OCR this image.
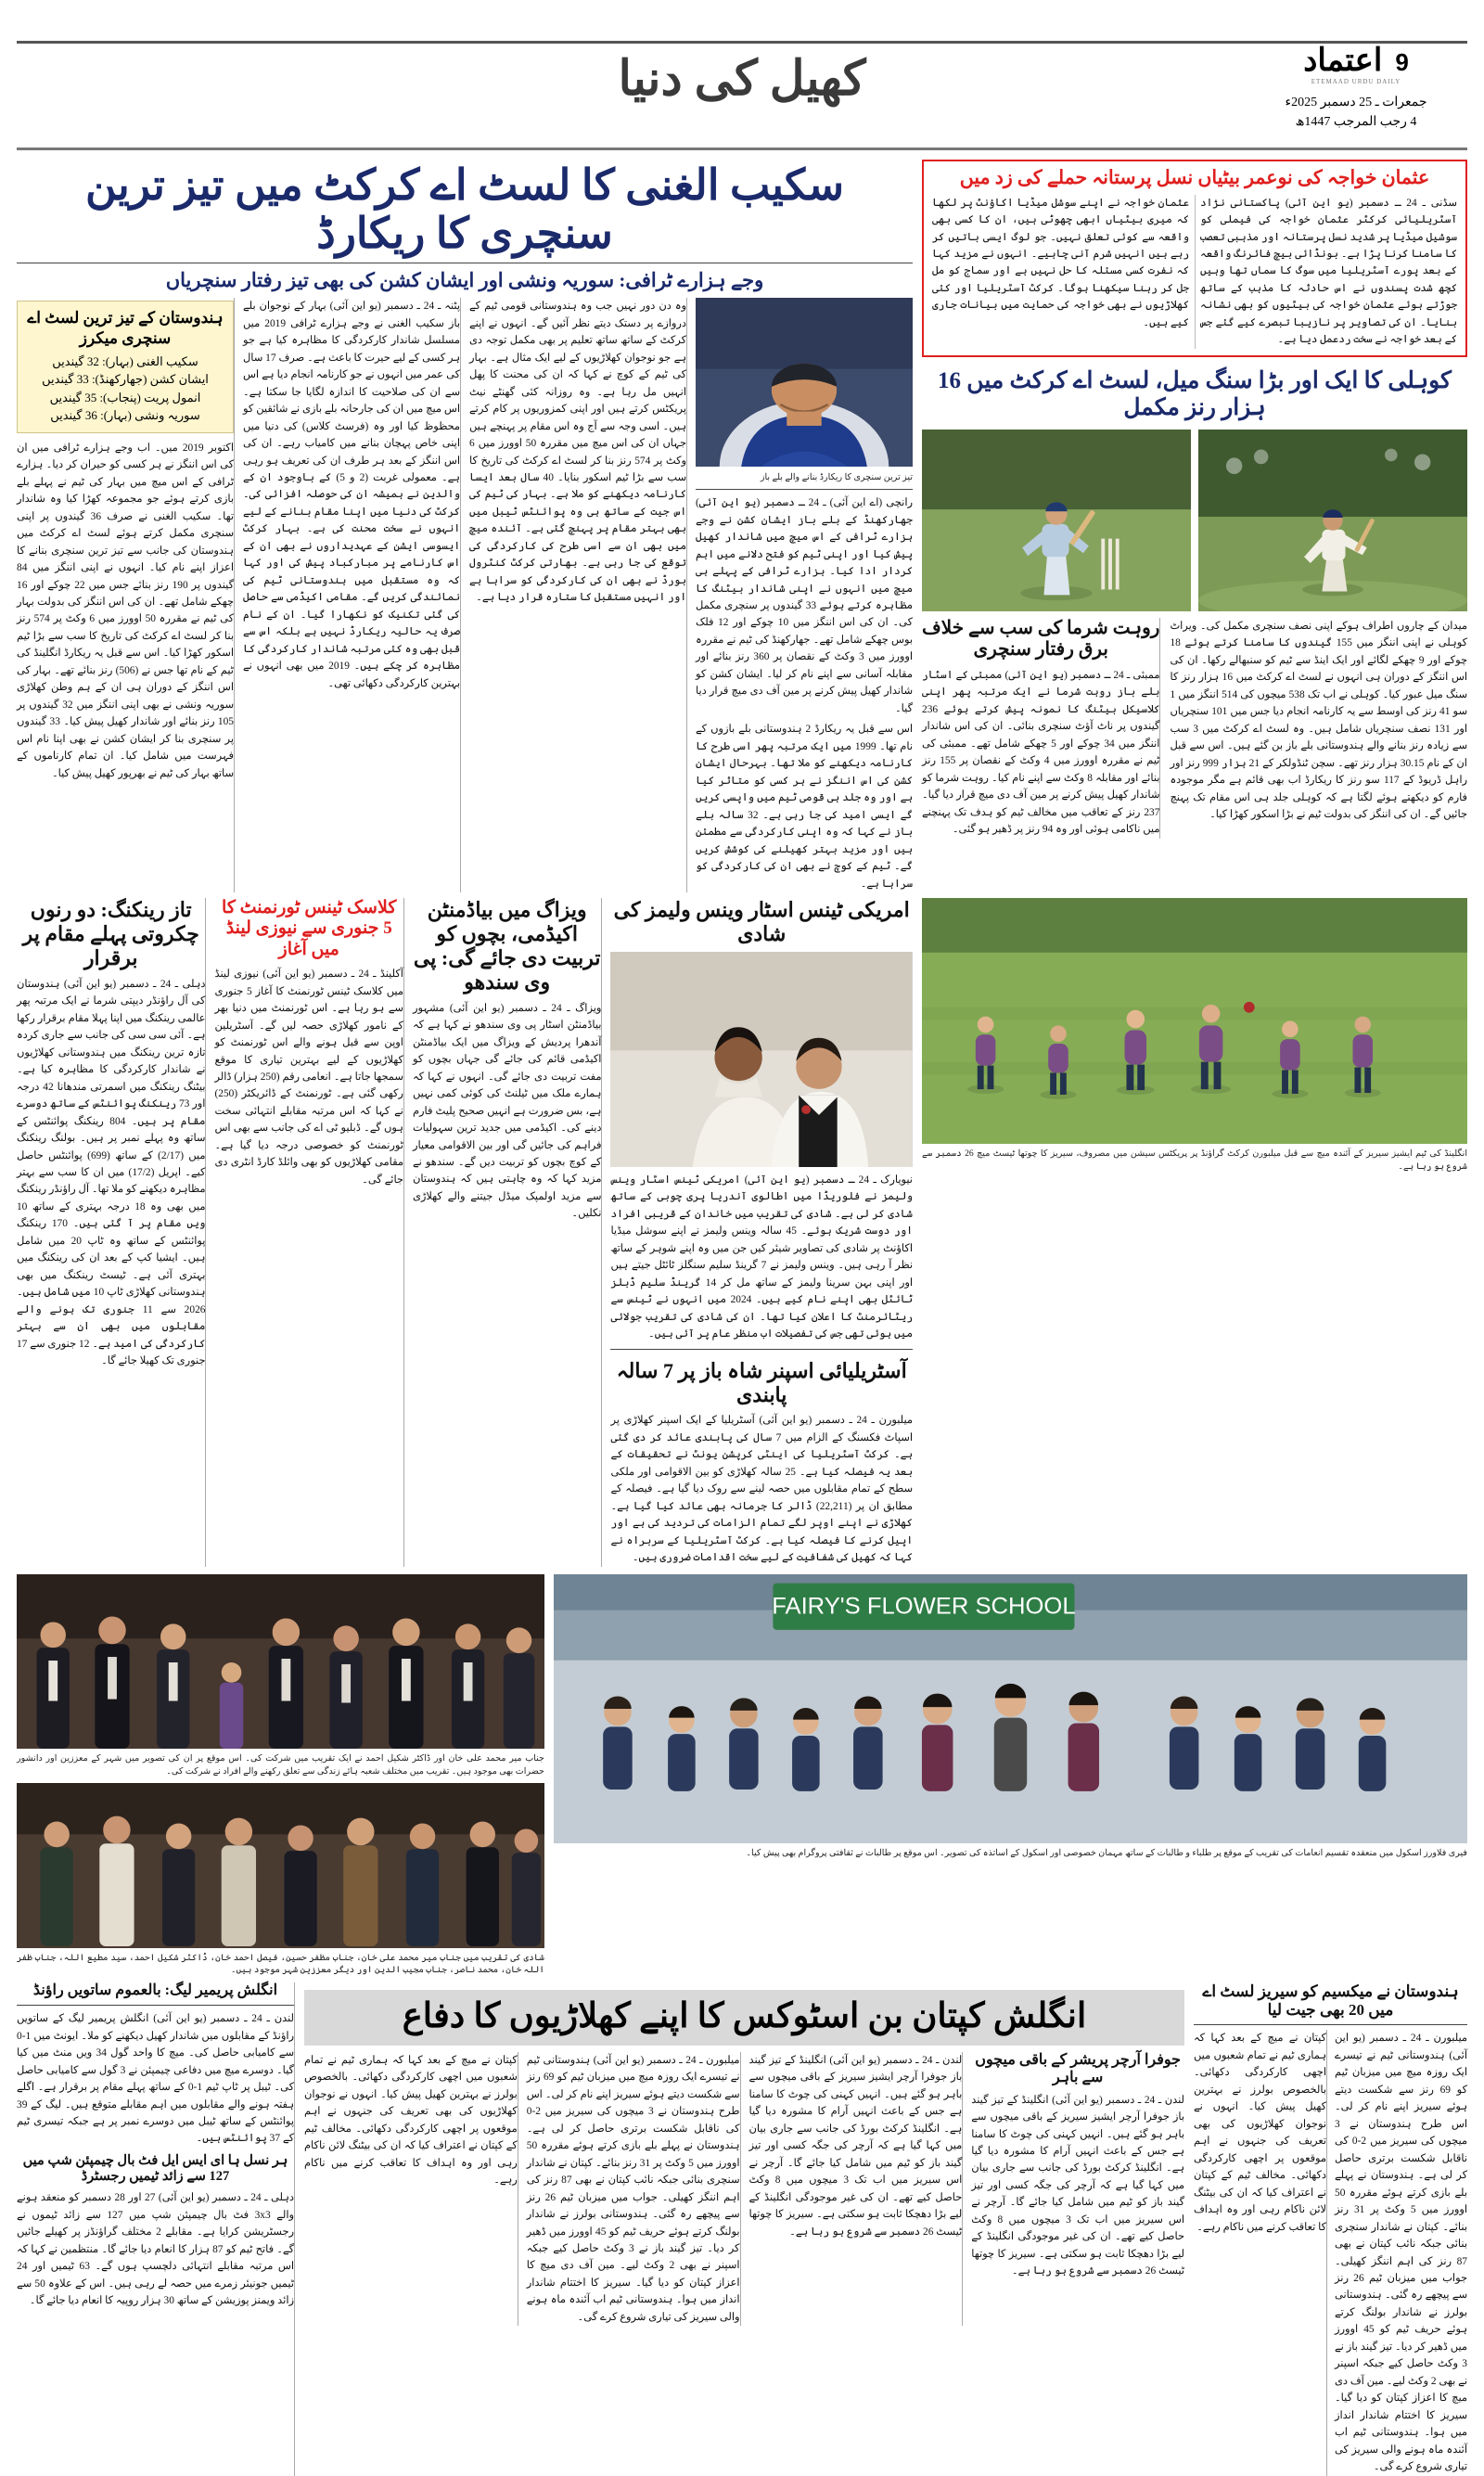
9اعتماد
ETEMAAD URDU DAILY
جمعرات ـ 25 دسمبر 2025ء
4 رجب المرجب 1447ھ
کھیل کی دنیا
عثمان خواجہ کی نوعمر بیٹیاں نسل پرستانہ حملے کی زد میں

سڈنی ـ 24 ـ دسمبر (یو این آئی) پاکستانی نژاد آسٹریلیائی کرکٹر عثمان خواجہ کی فیملی کو سوشیل میڈیا پر شدید نسل پرستانہ اور مذہبی تعصب کا سامنا کرنا پڑا ہے۔ بونڈائی بیچ فائرنگ واقعہ کے بعد پورے آسٹریلیا میں سوگ کا سماں تھا وہیں کچھ شدت پسندوں نے اس حادثہ کا مذہب کے ساتھ جوڑتے ہوئے عثمان خواجہ کی بیٹیوں کو بھی نشانہ بنایا۔ ان کی تصاویر پر نازیبا تبصرے کیے گئے جس کے بعد خواجہ نے سخت ردعمل دیا ہے۔

عثمان خواجہ نے اپنے سوشل میڈیا اکاؤنٹ پر لکھا کہ میری بیٹیاں ابھی چھوٹی ہیں، ان کا کسی بھی واقعہ سے کوئی تعلق نہیں۔ جو لوگ ایسی باتیں کر رہے ہیں انہیں شرم آنی چاہیے۔ انہوں نے مزید کہا کہ نفرت کسی مسئلہ کا حل نہیں ہے اور سماج کو مل جل کر رہنا سیکھنا ہوگا۔ کرکٹ آسٹریلیا اور کئی کھلاڑیوں نے بھی خواجہ کی حمایت میں بیانات جاری کیے ہیں۔

کوہلی کا ایک اور بڑا سنگ میل، لسٹ اے کرکٹ میں 16 ہزار رنز مکمل

میدان کے چاروں اطراف ہوکے اپنی نصف سنچری مکمل کی۔ ویراٹ کوہلی نے اپنی اننگز میں 155 گیندوں کا سامنا کرتے ہوئے 18 چوکے اور 9 چھکے لگائے اور ایک اینڈ سے ٹیم کو سنبھالے رکھا۔ ان کی اس اننگز کے دوران ہی انہوں نے لسٹ اے کرکٹ میں 16 ہزار رنز کا سنگ میل عبور کیا۔ کوہلی نے اب تک 538 میچوں کی 514 اننگز میں 1 سو 41 رنز کی اوسط سے یہ کارنامہ انجام دیا جس میں 101 سنچریاں اور 131 نصف سنچریاں شامل ہیں۔ وہ لسٹ اے کرکٹ میں 3 سب سے زیادہ رنز بنانے والے ہندوستانی بلے باز بن گئے ہیں۔ اس سے قبل ان کے نام 30.15 ہزار رنز تھے۔ سچن ٹنڈولکر کے 21 ہزار 999 رنز اور راہل ڈریوڈ کے 117 سو رنز کا ریکارڈ اب بھی قائم ہے مگر موجودہ فارم کو دیکھتے ہوئے لگتا ہے کہ کوہلی جلد ہی اس مقام تک پہنچ جائیں گے۔ ان کی اننگز کی بدولت ٹیم نے بڑا اسکور کھڑا کیا۔

روہت شرما کی سب سے خلاف برق رفتار سنچری

ممبئی ـ 24 ـ دسمبر (یو این آئی) ممبئی کے اسٹار بلے باز روہت شرما نے ایک مرتبہ پھر اپنی کلاسیکل بیٹنگ کا نمونہ پیش کرتے ہوئے 236 گیندوں پر ناٹ آؤٹ سنچری بنائی۔ ان کی اس شاندار اننگز میں 34 چوکے اور 5 چھکے شامل تھے۔ ممبئی کی ٹیم نے مقررہ اوورز میں 4 وکٹ کے نقصان پر 155 رنز بنائے اور مقابلہ 8 وکٹ سے اپنے نام کیا۔ روہت شرما کو شاندار کھیل پیش کرنے پر مین آف دی میچ قرار دیا گیا۔ 237 رنز کے تعاقب میں مخالف ٹیم کو ہدف تک پہنچنے میں ناکامی ہوئی اور وہ 94 رنز پر ڈھیر ہو گئی۔

سکیب الغنی کا لسٹ اے کرکٹ میں تیز ترین سنچری کا ریکارڈ
وجے ہزارے ٹرافی: سوریہ ونشی اور ایشان کشن کی بھی تیز رفتار سنچریاں
تیز ترین سنچری کا ریکارڈ بنانے والے بلے باز

رانچی (اے این آئی) ـ 24 ـ دسمبر (یو این آئی) جھارکھنڈ کے بلے باز ایشان کشن نے وجے ہزارے ٹرافی کے اس میچ میں شاندار کھیل پیش کیا اور اپنی ٹیم کو فتح دلانے میں اہم کردار ادا کیا۔ ہزارے ٹرافی کے پہلے ہی میچ میں انہوں نے اپنی شاندار بیٹنگ کا مظاہرہ کرتے ہوئے 33 گیندوں پر سنچری مکمل کی۔ ان کی اس اننگز میں 10 چوکے اور 12 فلک بوس چھکے شامل تھے۔ جھارکھنڈ کی ٹیم نے مقررہ اوورز میں 3 وکٹ کے نقصان پر 360 رنز بنائے اور مقابلہ آسانی سے اپنے نام کر لیا۔ ایشان کشن کو شاندار کھیل پیش کرنے پر مین آف دی میچ قرار دیا گیا۔

اس سے قبل یہ ریکارڈ 2 ہندوستانی بلے بازوں کے نام تھا۔ 1999 میں ایک مرتبہ پھر اسی طرح کا کارنامہ دیکھنے کو ملا تھا۔ بہرحال ایشان کشن کی اس اننگز نے ہر کسی کو متاثر کیا ہے اور وہ جلد ہی قومی ٹیم میں واپسی کریں گے ایسی امید کی جا رہی ہے۔ 32 سالہ بلے باز نے کہا کہ وہ اپنی کارکردگی سے مطمئن ہیں اور مزید بہتر کھیلنے کی کوشش کریں گے۔ ٹیم کے کوچ نے بھی ان کی کارکردگی کو سراہا ہے۔

وہ دن دور نہیں جب وہ ہندوستانی قومی ٹیم کے دروازے پر دستک دیتے نظر آئیں گے۔ انہوں نے اپنے کرکٹ کے ساتھ ساتھ تعلیم پر بھی مکمل توجہ دی ہے جو نوجوان کھلاڑیوں کے لیے ایک مثال ہے۔ بہار کی ٹیم کے کوچ نے کہا کہ ان کی محنت کا پھل انہیں مل رہا ہے۔ وہ روزانہ کئی گھنٹے نیٹ پریکٹس کرتے ہیں اور اپنی کمزوریوں پر کام کرتے ہیں۔ اسی وجہ سے آج وہ اس مقام پر پہنچے ہیں جہاں ان کی اس میچ میں مقررہ 50 اوورز میں 6 وکٹ پر 574 رنز بنا کر لسٹ اے کرکٹ کی تاریخ کا سب سے بڑا ٹیم اسکور بنایا۔ 40 سال بعد ایسا کارنامہ دیکھنے کو ملا ہے۔ بہار کی ٹیم کی اس جیت کے ساتھ ہی وہ پوائنٹس ٹیبل میں بھی بہتر مقام پر پہنچ گئی ہے۔ آئندہ میچ میں بھی ان سے اسی طرح کی کارکردگی کی توقع کی جا رہی ہے۔ بھارتی کرکٹ کنٹرول بورڈ نے بھی ان کی کارکردگی کو سراہا ہے اور انہیں مستقبل کا ستارہ قرار دیا ہے۔

پٹنہ ـ 24 ـ دسمبر (یو این آئی) بہار کے نوجوان بلے باز سکیب الغنی نے وجے ہزارے ٹرافی 2019 میں مسلسل شاندار کارکردگی کا مظاہرہ کیا ہے جو ہر کسی کے لیے حیرت کا باعث ہے۔ صرف 17 سال کی عمر میں انہوں نے جو کارنامہ انجام دیا ہے اس سے ان کی صلاحیت کا اندازہ لگایا جا سکتا ہے۔ اس میچ میں ان کی جارحانہ بلے بازی نے شائقین کو محظوظ کیا اور وہ (فرسٹ کلاس) کی دنیا میں اپنی خاص پہچان بنانے میں کامیاب رہے۔ ان کی اس اننگز کے بعد ہر طرف ان کی تعریف ہو رہی ہے۔ معمولی غربت (2 و 5) کے باوجود ان کے والدین نے ہمیشہ ان کی حوصلہ افزائی کی۔ کرکٹ کی دنیا میں اپنا مقام بنانے کے لیے انہوں نے سخت محنت کی ہے۔ بہار کرکٹ ایسوسی ایشن کے عہدیداروں نے بھی ان کے اس کارنامے پر مبارکباد پیش کی اور کہا کہ وہ مستقبل میں ہندوستانی ٹیم کی نمائندگی کریں گے۔ مقامی اکیڈمی سے حاصل کی گئی تکنیک کو نکھارا گیا۔ ان کے نام صرف یہ حالیہ ریکارڈ نہیں ہے بلکہ اس سے قبل بھی وہ کئی مرتبہ شاندار کارکردگی کا مظاہرہ کر چکے ہیں۔ 2019 میں بھی انہوں نے بہترین کارکردگی دکھائی تھی۔

ہندوستان کے تیز ترین لسٹ اے سنچری میکرز
سکیب الغنی (بہار): 32 گیندیں
ایشان کشن (جھارکھنڈ): 33 گیندیں
انمول پریت (پنجاب): 35 گیندیں
سوریہ ونشی (بہار): 36 گیندیں

اکتوبر 2019 میں۔ اب وجے ہزارے ٹرافی میں ان کی اس اننگز نے ہر کسی کو حیران کر دیا۔ ہزارے ٹرافی کے اس میچ میں بہار کی ٹیم نے پہلے بلے بازی کرتے ہوئے جو مجموعہ کھڑا کیا وہ شاندار تھا۔ سکیب الغنی نے صرف 36 گیندوں پر اپنی سنچری مکمل کرتے ہوئے لسٹ اے کرکٹ میں ہندوستان کی جانب سے تیز ترین سنچری بنانے کا اعزاز اپنے نام کیا۔ انہوں نے اپنی اننگز میں 84 گیندوں پر 190 رنز بنائے جس میں 22 چوکے اور 16 چھکے شامل تھے۔ ان کی اس اننگز کی بدولت بہار کی ٹیم نے مقررہ 50 اوورز میں 6 وکٹ پر 574 رنز بنا کر لسٹ اے کرکٹ کی تاریخ کا سب سے بڑا ٹیم اسکور کھڑا کیا۔ اس سے قبل یہ ریکارڈ انگلینڈ کی ٹیم کے نام تھا جس نے (506) رنز بنائے تھے۔ بہار کی اس اننگز کے دوران ہی ان کے ہم وطن کھلاڑی سوریہ ونشی نے بھی اپنی اننگز میں 32 گیندوں پر 105 رنز بنائے اور شاندار کھیل پیش کیا۔ 33 گیندوں پر سنچری بنا کر ایشان کشن نے بھی اپنا نام اس فہرست میں شامل کیا۔ ان تمام کارناموں کے ساتھ بہار کی ٹیم نے بھرپور کھیل پیش کیا۔

انگلینڈ کی ٹیم ایشیز سیریز کے آئندہ میچ سے قبل میلبورن کرکٹ گراؤنڈ پر پریکٹس سیشن میں مصروف، سیریز کا چوتھا ٹیسٹ میچ 26 دسمبر سے شروع ہو رہا ہے۔
امریکی ٹینس اسٹار وینس ولیمز کی شادی

نیویارک ـ 24 ـ دسمبر (یو این آئی) امریکی ٹینس اسٹار وینس ولیمز نے فلوریڈا میں اطالوی آندریا پری چوبی کے ساتھ شادی کر لی ہے۔ شادی کی تقریب میں خاندان کے قریبی افراد اور دوست شریک ہوئے۔ 45 سالہ وینس ولیمز نے اپنے سوشل میڈیا اکاؤنٹ پر شادی کی تصاویر شیئر کیں جن میں وہ اپنے شوہر کے ساتھ نظر آ رہی ہیں۔ وینس ولیمز نے 7 گرینڈ سلیم سنگلز ٹائٹل جیتے ہیں اور اپنی بہن سرینا ولیمز کے ساتھ مل کر 14 گرینڈ سلیم ڈبلز ٹائٹل بھی اپنے نام کیے ہیں۔ 2024 میں انہوں نے ٹینس سے ریٹائرمنٹ کا اعلان کیا تھا۔ ان کی شادی کی تقریب جولائی میں ہوئی تھی جس کی تفصیلات اب منظر عام پر آئی ہیں۔

آسٹریلیائی اسپنر شاہ باز پر 7 سالہ پابندی

میلبورن ـ 24 ـ دسمبر (یو این آئی) آسٹریلیا کے ایک اسپنر کھلاڑی پر اسپاٹ فکسنگ کے الزام میں 7 سال کی پابندی عائد کر دی گئی ہے۔ کرکٹ آسٹریلیا کی اینٹی کرپشن یونٹ نے تحقیقات کے بعد یہ فیصلہ کیا ہے۔ 25 سالہ کھلاڑی کو بین الاقوامی اور ملکی سطح کے تمام مقابلوں میں حصہ لینے سے روک دیا گیا ہے۔ فیصلہ کے مطابق ان پر (22,211) ڈالر کا جرمانہ بھی عائد کیا گیا ہے۔ کھلاڑی نے اپنے اوپر لگے تمام الزامات کی تردید کی ہے اور اپیل کرنے کا فیصلہ کیا ہے۔ کرکٹ آسٹریلیا کے سربراہ نے کہا کہ کھیل کی شفافیت کے لیے سخت اقدامات ضروری ہیں۔

ویزاگ میں بیاڈمنٹن اکیڈمی، بچوں کو تربیت دی جائے گی: پی وی سندھو

ویزاگ ـ 24 ـ دسمبر (یو این آئی) مشہور بیاڈمنٹن اسٹار پی وی سندھو نے کہا ہے کہ آندھرا پردیش کے ویزاگ میں ایک بیاڈمنٹن اکیڈمی قائم کی جائے گی جہاں بچوں کو مفت تربیت دی جائے گی۔ انہوں نے کہا کہ ہمارے ملک میں ٹیلنٹ کی کوئی کمی نہیں ہے، بس ضرورت ہے انہیں صحیح پلیٹ فارم دینے کی۔ اکیڈمی میں جدید ترین سہولیات فراہم کی جائیں گی اور بین الاقوامی معیار کے کوچ بچوں کو تربیت دیں گے۔ سندھو نے مزید کہا کہ وہ چاہتی ہیں کہ ہندوستان سے مزید اولمپک میڈل جیتنے والے کھلاڑی نکلیں۔

کلاسک ٹینس ٹورنمنٹ کا
5 جنوری سے نیوزی لینڈ میں آغاز

آکلینڈ ـ 24 ـ دسمبر (یو این آئی) نیوزی لینڈ میں کلاسک ٹینس ٹورنمنٹ کا آغاز 5 جنوری سے ہو رہا ہے۔ اس ٹورنمنٹ میں دنیا بھر کے نامور کھلاڑی حصہ لیں گے۔ آسٹریلین اوپن سے قبل ہونے والے اس ٹورنمنٹ کو کھلاڑیوں کے لیے بہترین تیاری کا موقع سمجھا جاتا ہے۔ انعامی رقم (250 ہزار) ڈالر رکھی گئی ہے۔ ٹورنمنٹ کے ڈائریکٹر (250) نے کہا کہ اس مرتبہ مقابلے انتہائی سخت ہوں گے۔ ڈبلیو ٹی اے کی جانب سے بھی اس ٹورنمنٹ کو خصوصی درجہ دیا گیا ہے۔ مقامی کھلاڑیوں کو بھی وائلڈ کارڈ انٹری دی جائے گی۔

تاز رینکنگ: دو رنوں چکروتی پہلے مقام پر برقرار

دہلی ـ 24 ـ دسمبر (یو این آئی) ہندوستان کی آل راؤنڈر دیپتی شرما نے ایک مرتبہ پھر عالمی رینکنگ میں اپنا پہلا مقام برقرار رکھا ہے۔ آئی سی سی کی جانب سے جاری کردہ تازہ ترین رینکنگ میں ہندوستانی کھلاڑیوں نے شاندار کارکردگی کا مظاہرہ کیا ہے۔ بیٹنگ رینکنگ میں اسمرتی مندھانا 42 درجہ اور 73 رینکنگ پوائنٹس کے ساتھ دوسرے مقام پر ہیں۔ 804 رینکنگ پوائنٹس کے ساتھ وہ پہلے نمبر پر ہیں۔ بولنگ رینکنگ میں (2/17) کے ساتھ (699) پوائنٹس حاصل کیے۔ اپریل (17/2) میں ان کا سب سے بہتر مظاہرہ دیکھنے کو ملا تھا۔ آل راؤنڈر رینکنگ میں بھی وہ 18 درجہ بہتری کے ساتھ 10 ویں مقام پر آ گئی ہیں۔ 170 رینکنگ پوائنٹس کے ساتھ وہ ٹاپ 20 میں شامل ہیں۔ ایشیا کپ کے بعد ان کی رینکنگ میں بہتری آئی ہے۔ ٹیسٹ رینکنگ میں بھی ہندوستانی کھلاڑی ٹاپ 10 میں شامل ہیں۔ 2026 سے 11 جنوری تک ہونے والے مقابلوں میں بھی ان سے بہتر کارکردگی کی امید ہے۔ 12 جنوری سے 17 جنوری تک کھیلا جائے گا۔

FAIRY'S FLOWER SCHOOL
فیری فلاورز اسکول میں منعقدہ تقسیم انعامات کی تقریب کے موقع پر طلباء و طالبات کے ساتھ مہمان خصوصی اور اسکول کے اساتذہ کی تصویر۔ اس موقع پر طالبات نے ثقافتی پروگرام بھی پیش کیا۔
جناب میر محمد علی خان اور ڈاکٹر شکیل احمد نے ایک تقریب میں شرکت کی۔ اس موقع پر ان کی تصویر میں شہر کے معززین اور دانشور حضرات بھی موجود ہیں۔ تقریب میں مختلف شعبہ ہائے زندگی سے تعلق رکھنے والے افراد نے شرکت کی۔
شادی کی تقریب میں جناب میر محمد علی خان، جناب مظفر حسین، فیصل احمد خان، ڈاکٹر شکیل احمد، سید مطیع اللہ، جناب ظفر اللہ خان، محمد ناصر، جناب مجیب الدین اور دیگر معززین شہر موجود ہیں۔
ہندوستان نے میکسیم کو سیریز لسٹ اے میں 20 بھی جیت لیا

میلبورن ـ 24 ـ دسمبر (یو این آئی) ہندوستانی ٹیم نے تیسرے ایک روزہ میچ میں میزبان ٹیم کو 69 رنز سے شکست دیتے ہوئے سیریز اپنے نام کر لی۔ اس طرح ہندوستان نے 3 میچوں کی سیریز میں 2-0 کی ناقابل شکست برتری حاصل کر لی ہے۔ ہندوستان نے پہلے بلے بازی کرتے ہوئے مقررہ 50 اوورز میں 5 وکٹ پر 31 رنز بنائے۔ کپتان نے شاندار سنچری بنائی جبکہ نائب کپتان نے بھی 87 رنز کی اہم اننگز کھیلی۔ جواب میں میزبان ٹیم 26 رنز سے پیچھے رہ گئی۔ ہندوستانی بولرز نے شاندار بولنگ کرتے ہوئے حریف ٹیم کو 45 اوورز میں ڈھیر کر دیا۔ تیز گیند باز نے 3 وکٹ حاصل کیے جبکہ اسپنر نے بھی 2 وکٹ لیے۔ مین آف دی میچ کا اعزاز کپتان کو دیا گیا۔ سیریز کا اختتام شاندار انداز میں ہوا۔ ہندوستانی ٹیم اب آئندہ ماہ ہونے والی سیریز کی تیاری شروع کرے گی۔

کپتان نے میچ کے بعد کہا کہ ہماری ٹیم نے تمام شعبوں میں اچھی کارکردگی دکھائی۔ بالخصوص بولرز نے بہترین کھیل پیش کیا۔ انہوں نے نوجوان کھلاڑیوں کی بھی تعریف کی جنہوں نے اہم موقعوں پر اچھی کارکردگی دکھائی۔ مخالف ٹیم کے کپتان نے اعتراف کیا کہ ان کی بیٹنگ لائن ناکام رہی اور وہ اہداف کا تعاقب کرنے میں ناکام رہے۔

انگلش کپتان بن اسٹوکس کا اپنے کھلاڑیوں کا دفاع
جوفرا آرچر پریشر کے باقی میچوں سے باہر

لندن ـ 24 ـ دسمبر (یو این آئی) انگلینڈ کے تیز گیند باز جوفرا آرچر ایشیز سیریز کے باقی میچوں سے باہر ہو گئے ہیں۔ انہیں کہنی کی چوٹ کا سامنا ہے جس کے باعث انہیں آرام کا مشورہ دیا گیا ہے۔ انگلینڈ کرکٹ بورڈ کی جانب سے جاری بیان میں کہا گیا ہے کہ آرچر کی جگہ کسی اور تیز گیند باز کو ٹیم میں شامل کیا جائے گا۔ آرچر نے اس سیریز میں اب تک 3 میچوں میں 8 وکٹ حاصل کیے تھے۔ ان کی غیر موجودگی انگلینڈ کے لیے بڑا دھچکا ثابت ہو سکتی ہے۔ سیریز کا چوتھا ٹیسٹ 26 دسمبر سے شروع ہو رہا ہے۔

لندن ـ 24 ـ دسمبر (یو این آئی) انگلینڈ کے تیز گیند باز جوفرا آرچر ایشیز سیریز کے باقی میچوں سے باہر ہو گئے ہیں۔ انہیں کہنی کی چوٹ کا سامنا ہے جس کے باعث انہیں آرام کا مشورہ دیا گیا ہے۔ انگلینڈ کرکٹ بورڈ کی جانب سے جاری بیان میں کہا گیا ہے کہ آرچر کی جگہ کسی اور تیز گیند باز کو ٹیم میں شامل کیا جائے گا۔ آرچر نے اس سیریز میں اب تک 3 میچوں میں 8 وکٹ حاصل کیے تھے۔ ان کی غیر موجودگی انگلینڈ کے لیے بڑا دھچکا ثابت ہو سکتی ہے۔ سیریز کا چوتھا ٹیسٹ 26 دسمبر سے شروع ہو رہا ہے۔

میلبورن ـ 24 ـ دسمبر (یو این آئی) ہندوستانی ٹیم نے تیسرے ایک روزہ میچ میں میزبان ٹیم کو 69 رنز سے شکست دیتے ہوئے سیریز اپنے نام کر لی۔ اس طرح ہندوستان نے 3 میچوں کی سیریز میں 2-0 کی ناقابل شکست برتری حاصل کر لی ہے۔ ہندوستان نے پہلے بلے بازی کرتے ہوئے مقررہ 50 اوورز میں 5 وکٹ پر 31 رنز بنائے۔ کپتان نے شاندار سنچری بنائی جبکہ نائب کپتان نے بھی 87 رنز کی اہم اننگز کھیلی۔ جواب میں میزبان ٹیم 26 رنز سے پیچھے رہ گئی۔ ہندوستانی بولرز نے شاندار بولنگ کرتے ہوئے حریف ٹیم کو 45 اوورز میں ڈھیر کر دیا۔ تیز گیند باز نے 3 وکٹ حاصل کیے جبکہ اسپنر نے بھی 2 وکٹ لیے۔ مین آف دی میچ کا اعزاز کپتان کو دیا گیا۔ سیریز کا اختتام شاندار انداز میں ہوا۔ ہندوستانی ٹیم اب آئندہ ماہ ہونے والی سیریز کی تیاری شروع کرے گی۔

کپتان نے میچ کے بعد کہا کہ ہماری ٹیم نے تمام شعبوں میں اچھی کارکردگی دکھائی۔ بالخصوص بولرز نے بہترین کھیل پیش کیا۔ انہوں نے نوجوان کھلاڑیوں کی بھی تعریف کی جنہوں نے اہم موقعوں پر اچھی کارکردگی دکھائی۔ مخالف ٹیم کے کپتان نے اعتراف کیا کہ ان کی بیٹنگ لائن ناکام رہی اور وہ اہداف کا تعاقب کرنے میں ناکام رہے۔

انگلش پریمیر لیگ: بالعموم ساتویں راؤنڈ

لندن ـ 24 ـ دسمبر (یو این آئی) انگلش پریمیر لیگ کے ساتویں راؤنڈ کے مقابلوں میں شاندار کھیل دیکھنے کو ملا۔ ایونٹ میں 1-0 سے کامیابی حاصل کی۔ میچ کا واحد گول 34 ویں منٹ میں کیا گیا۔ دوسرے میچ میں دفاعی چیمپئن نے 3 گول سے کامیابی حاصل کی۔ ٹیبل پر ٹاپ ٹیم 1-0 کے ساتھ پہلے مقام پر برقرار ہے۔ اگلے ہفتہ ہونے والے مقابلوں میں اہم مقابلے متوقع ہیں۔ لیگ کے 39 پوائنٹس کے ساتھ ٹیبل میں دوسرے نمبر پر ہے جبکہ تیسری ٹیم کے 37 پوائنٹس ہیں۔

ہر نسل ہا ای ایس ایل فٹ بال چیمپئن شپ میں 127 سے زائد ٹیمیں رجسٹرڈ

دہلی ـ 24 ـ دسمبر (یو این آئی) 27 اور 28 دسمبر کو منعقد ہونے والے 3x3 فٹ بال چیمپئن شپ میں 127 سے زائد ٹیموں نے رجسٹریشن کرایا ہے۔ مقابلے 2 مختلف گراؤنڈز پر کھیلے جائیں گے۔ فاتح ٹیم کو 87 ہزار کا انعام دیا جائے گا۔ منتظمین نے کہا کہ اس مرتبہ مقابلے انتہائی دلچسپ ہوں گے۔ 63 ٹیمیں اور 24 ٹیمیں جونیئر زمرے میں حصہ لے رہی ہیں۔ اس کے علاوہ 50 سے زائد ویمنز پوزیشن کے ساتھ 30 ہزار روپیہ کا انعام دیا جائے گا۔
